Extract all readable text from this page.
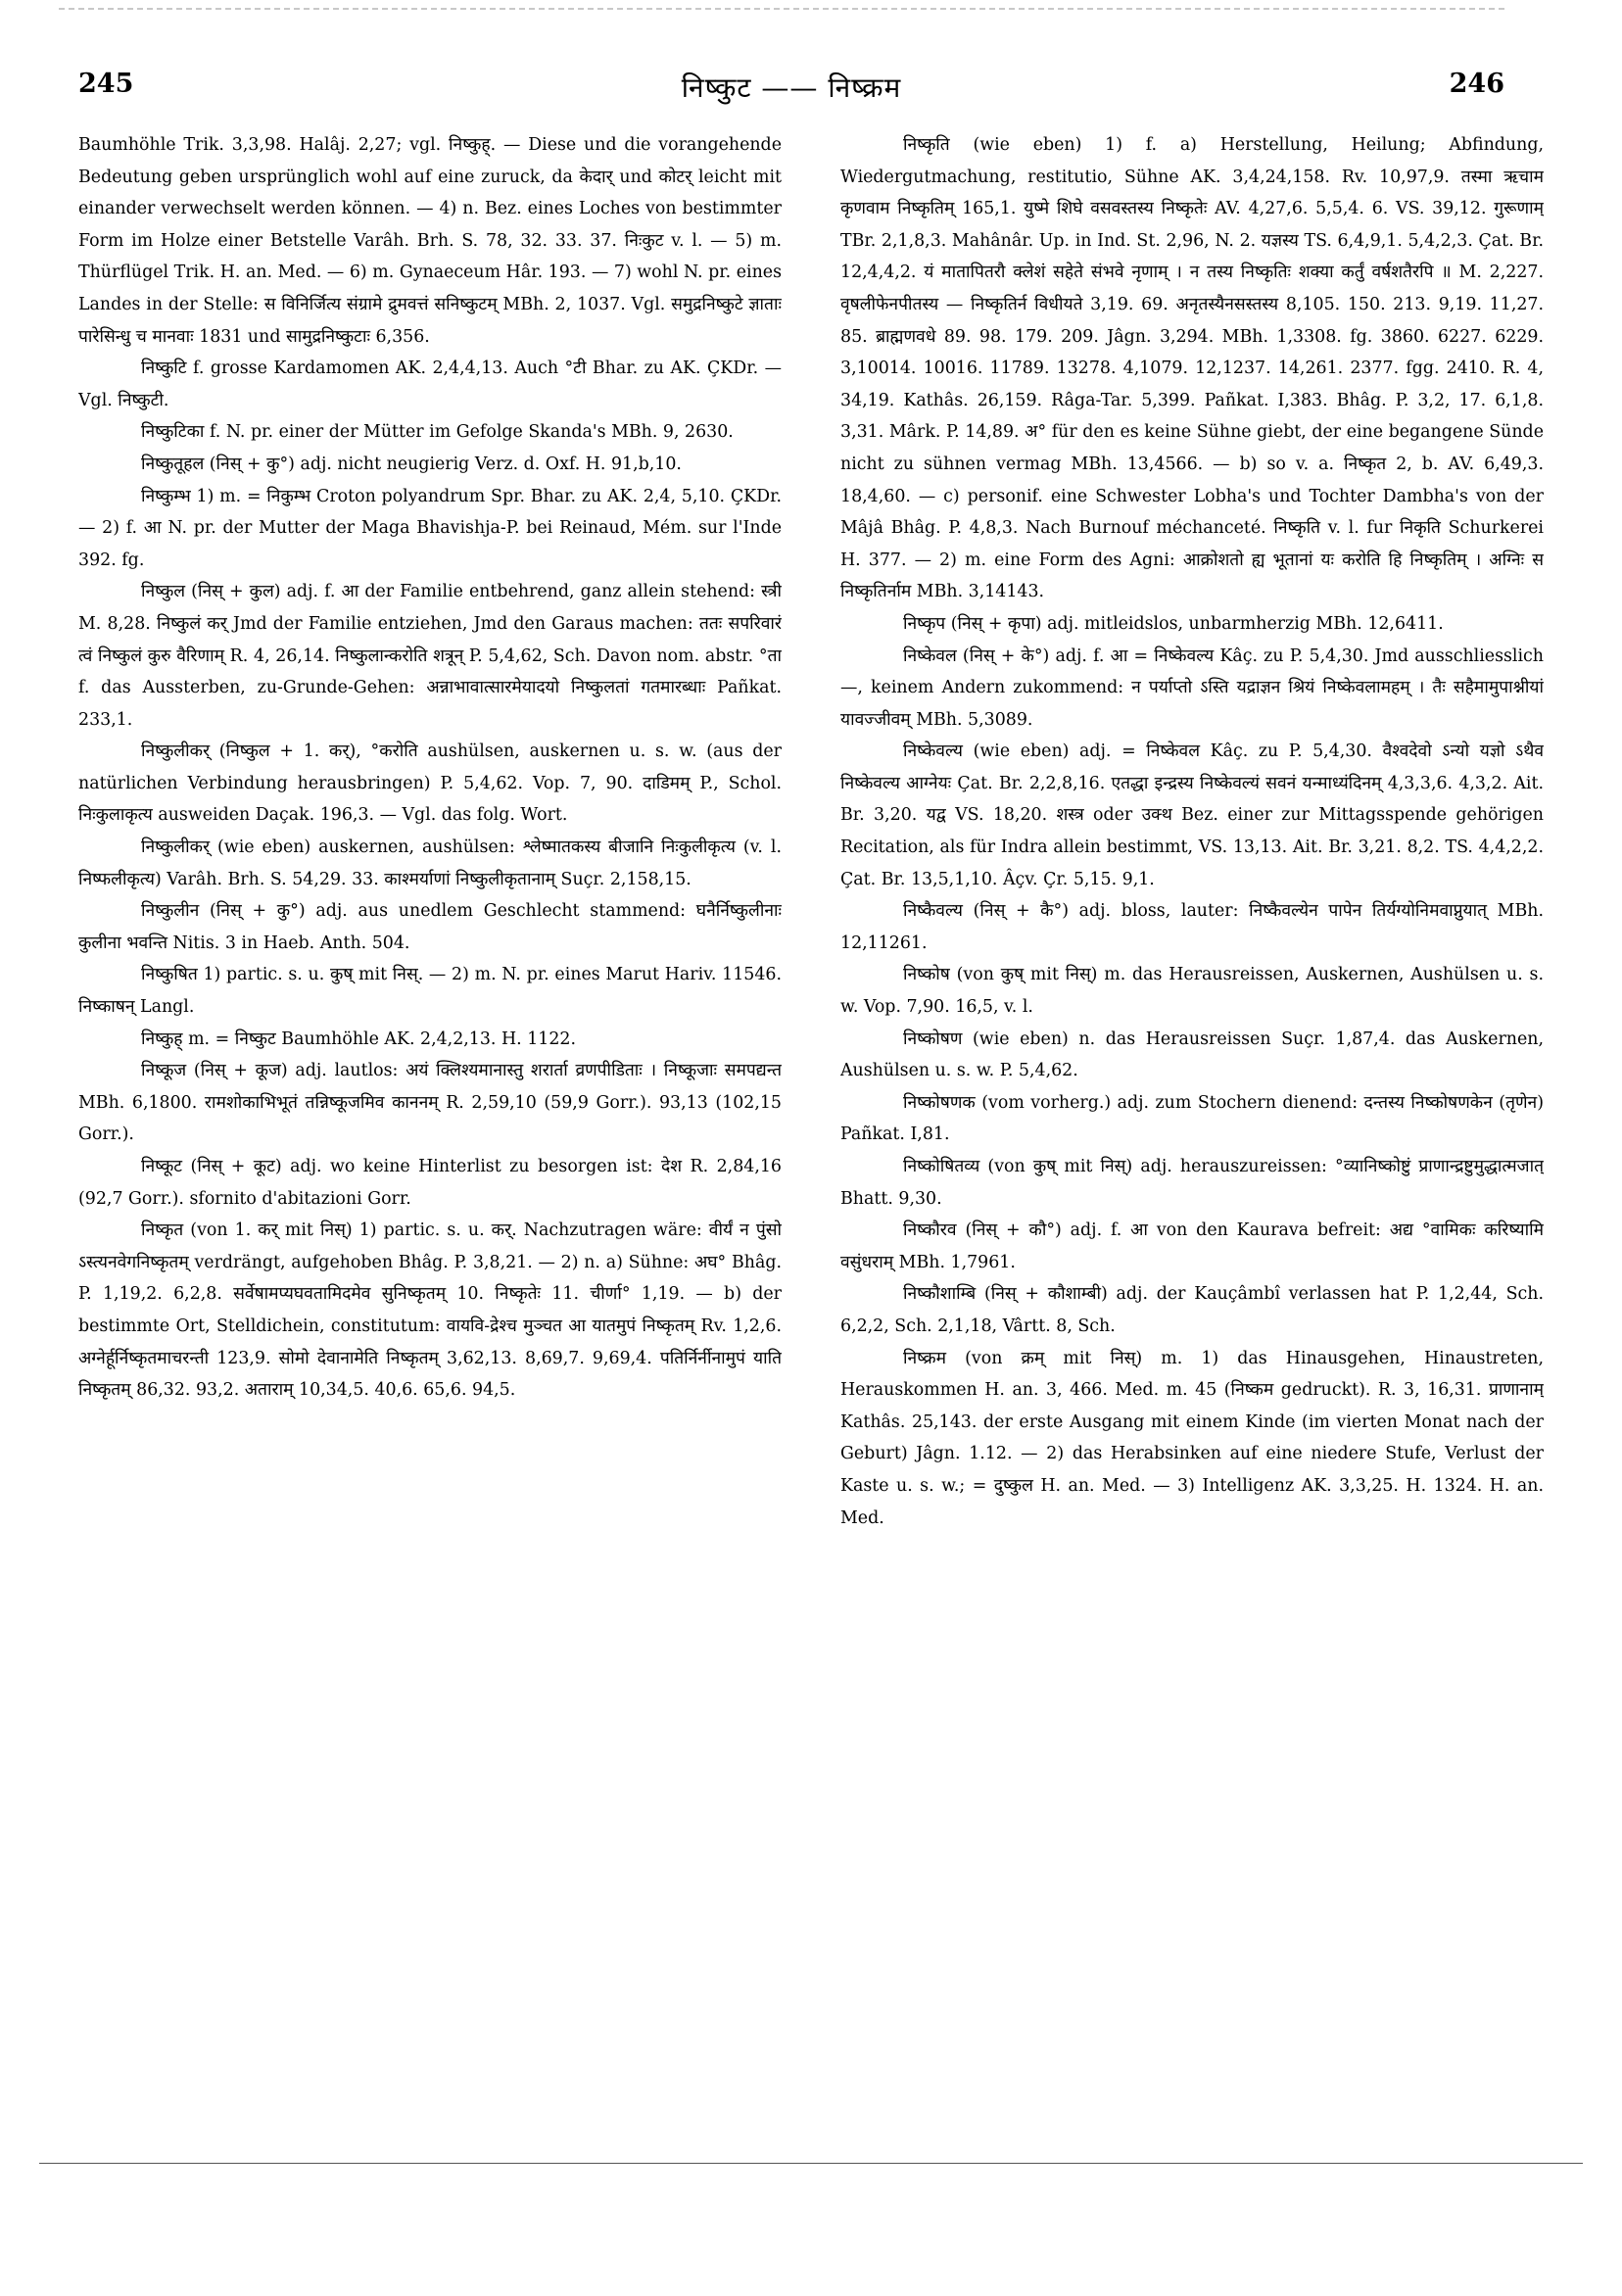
245	निष्कुट —— निष्क्रम	246

Baumhöhle Trik. 3,3,98. Halâj. 2,27; vgl. निष्कुह्. — Diese und die vorangehende Bedeutung geben ursprünglich wohl auf eine zuruck, da केदार् und कोटर् leicht mit einander verwechselt werden können. — 4) n. Bez. eines Loches von bestimmter Form im Holze einer Betstelle Varâh. Brh. S. 78, 32. 33. 37. निःकुट v. l. — 5) m. Thürflügel Trik. H. an. Med. — 6) m. Gynaeceum Hâr. 193. — 7) wohl N. pr. eines Landes in der Stelle: स विनिर्जित्य संग्रामे द्रुमवत्तं सनिष्कुटम् MBh. 2, 1037. Vgl. समुद्रनिष्कुटे ज्ञाताः पारेसिन्धु च मानवाः 1831 und सामुद्रनिष्कुटाः 6,356.

निष्कुटि f. grosse Kardamomen AK. 2,4,4,13. Auch °टी Bhar. zu AK. ÇKDr. — Vgl. निष्कुटी.

निष्कुटिका f. N. pr. einer der Mütter im Gefolge Skanda's MBh. 9, 2630.

निष्कुतूहल (निस् + कु°) adj. nicht neugierig Verz. d. Oxf. H. 91,b,10.

निष्कुम्भ 1) m. = निकुम्भ Croton polyandrum Spr. Bhar. zu AK. 2,4, 5,10. ÇKDr. — 2) f. आ N. pr. der Mutter der Maga Bhavishja-P. bei Reinaud, Mém. sur l'Inde 392. fg.

निष्कुल (निस् + कुल) adj. f. आ der Familie entbehrend, ganz allein stehend: स्त्री M. 8,28. निष्कुलं कर् Jmd der Familie entziehen, Jmd den Garaus machen: ततः सपरिवारं त्वं निष्कुलं कुरु वैरिणाम् R. 4, 26,14. निष्कुलान्करोति शत्रून् P. 5,4,62, Sch. Davon nom. abstr. °ता f. das Aussterben, zu-Grunde-Gehen: अन्नाभावात्सारमेयादयो निष्कुलतां गतमारब्धाः Pañkat. 233,1.

निष्कुलीकर् (निष्कुल + 1. कर्), °करोति aushülsen, auskernen u. s. w. (aus der natürlichen Verbindung herausbringen) P. 5,4,62. Vop. 7, 90. दाडिमम् P., Schol. निःकुलाकृत्य ausweiden Daçak. 196,3. — Vgl. das folg. Wort.

निष्कुलीकर् (wie eben) auskernen, aushülsen: श्लेष्मातकस्य बीजानि निःकुलीकृत्य (v. l. निष्फलीकृत्य) Varâh. Brh. S. 54,29. 33. काश्मर्याणां निष्कुलीकृतानाम् Suçr. 2,158,15.

निष्कुलीन (निस् + कु°) adj. aus unedlem Geschlecht stammend: घनैर्निष्कुलीनाः कुलीना भवन्ति Nitis. 3 in Haeb. Anth. 504.

निष्कुषित 1) partic. s. u. कुष् mit निस्. — 2) m. N. pr. eines Marut Hariv. 11546. निष्काषन् Langl.

निष्कुह् m. = निष्कुट Baumhöhle AK. 2,4,2,13. H. 1122.

निष्कूज (निस् + कूज) adj. lautlos: अयं क्लिश्यमानास्तु शरार्ता व्रणपीडिताः । निष्कूजाः समपद्यन्त MBh. 6,1800. रामशोकाभिभूतं तन्निष्कूजमिव काननम् R. 2,59,10 (59,9 Gorr.). 93,13 (102,15 Gorr.).

निष्कूट (निस् + कूट) adj. wo keine Hinterlist zu besorgen ist: देश R. 2,84,16 (92,7 Gorr.). sfornito d'abitazioni Gorr.

निष्कृत (von 1. कर् mit निस्) 1) partic. s. u. कर्. Nachzutragen wäre: वीर्यं न पुंसो ऽस्त्यनवेगनिष्कृतम् verdrängt, aufgehoben Bhâg. P. 3,8,21. — 2) n. a) Sühne: अघ° Bhâg. P. 1,19,2. 6,2,8. सर्वेषामप्यघवतामिदमेव सुनिष्कृतम् 10. निष्कृतेः 11. चीर्णा° 1,19. — b) der bestimmte Ort, Stelldichein, constitutum: वायवि-द्रेश्च मुञ्चत आ यातमुपं निष्कृतम् Rv. 1,2,6. अग्नेर्हूर्निष्कृतमाचरन्ती 123,9. सोमो देवानामेति निष्कृतम् 3,62,13. 8,69,7. 9,69,4. पतिर्निर्नीनामुपं याति निष्कृतम् 86,32. 93,2. अताराम् 10,34,5. 40,6. 65,6. 94,5.

निष्कृति (wie eben) 1) f. a) Herstellung, Heilung; Abfindung, Wiedergutmachung, restitutio, Sühne AK. 3,4,24,158. Rv. 10,97,9. तस्मा ऋचाम कृणवाम निष्कृतिम् 165,1. युष्मे शिघे वसवस्तस्य निष्कृतेः AV. 4,27,6. 5,5,4. 6. VS. 39,12. गुरूणाम् TBr. 2,1,8,3. Mahânâr. Up. in Ind. St. 2,96, N. 2. यज्ञस्य TS. 6,4,9,1. 5,4,2,3. Çat. Br. 12,4,4,2. यं मातापितरौ क्लेशं सहेते संभवे नृणाम् । न तस्य निष्कृतिः शक्या कर्तुं वर्षशतैरपि ॥ M. 2,227. वृषलीफेनपीतस्य — निष्कृतिर्न विधीयते 3,19. 69. अनृतस्यैनसस्तस्य 8,105. 150. 213. 9,19. 11,27. 85. ब्राह्मणवधे 89. 98. 179. 209. Jâgn. 3,294. MBh. 1,3308. fg. 3860. 6227. 6229. 3,10014. 10016. 11789. 13278. 4,1079. 12,1237. 14,261. 2377. fgg. 2410. R. 4, 34,19. Kathâs. 26,159. Râga-Tar. 5,399. Pañkat. I,383. Bhâg. P. 3,2, 17. 6,1,8. 3,31. Mârk. P. 14,89. अ° für den es keine Sühne giebt, der eine begangene Sünde nicht zu sühnen vermag MBh. 13,4566. — b) so v. a. निष्कृत 2, b. AV. 6,49,3. 18,4,60. — c) personif. eine Schwester Lobha's und Tochter Dambha's von der Mâjâ Bhâg. P. 4,8,3. Nach Burnouf méchanceté. निष्कृति v. l. fur निकृति Schurkerei H. 377. — 2) m. eine Form des Agni: आक्रोशतो ह्य भूतानां यः करोति हि निष्कृतिम् । अग्निः स निष्कृतिर्नाम MBh. 3,14143.

निष्कृप (निस् + कृपा) adj. mitleidslos, unbarmherzig MBh. 12,6411.

निष्केवल (निस् + के°) adj. f. आ = निष्केवल्य Kâç. zu P. 5,4,30. Jmd ausschliesslich —, keinem Andern zukommend: न पर्याप्तो ऽस्ति यद्राज्ञन श्रियं निष्केवलामहम् । तैः सहैमामुपाश्नीयां यावज्जीवम् MBh. 5,3089.

निष्केवल्य (wie eben) adj. = निष्केवल Kâç. zu P. 5,4,30. वैश्वदेवो ऽन्यो यज्ञो ऽथैव निष्केवल्य आग्नेयः Çat. Br. 2,2,8,16. एतद्धा इन्द्रस्य निष्केवल्यं सवनं यन्माध्यंदिनम् 4,3,3,6. 4,3,2. Ait. Br. 3,20. यद्व VS. 18,20. शस्त्र oder उक्थ Bez. einer zur Mittagsspende gehörigen Recitation, als für Indra allein bestimmt, VS. 13,13. Ait. Br. 3,21. 8,2. TS. 4,4,2,2. Çat. Br. 13,5,1,10. Âçv. Çr. 5,15. 9,1.

निष्कैवल्य (निस् + कै°) adj. bloss, lauter: निष्कैवल्येन पापेन तिर्यग्योनिमवाप्नुयात् MBh. 12,11261.

निष्कोष (von कुष् mit निस्) m. das Herausreissen, Auskernen, Aushülsen u. s. w. Vop. 7,90. 16,5, v. l.

निष्कोषण (wie eben) n. das Herausreissen Suçr. 1,87,4. das Auskernen, Aushülsen u. s. w. P. 5,4,62.

निष्कोषणक (vom vorherg.) adj. zum Stochern dienend: दन्तस्य निष्कोषणकेन (तृणेन) Pañkat. I,81.

निष्कोषितव्य (von कुष् mit निस्) adj. herauszureissen: °व्यानिष्कोष्टुं प्राणान्द्रष्टुमुद्धात्मजात् Bhatt. 9,30.

निष्कौरव (निस् + कौ°) adj. f. आ von den Kaurava befreit: अद्य °वामिकः करिष्यामि वसुंधराम् MBh. 1,7961.

निष्कौशाम्बि (निस् + कौशाम्बी) adj. der Kauçâmbî verlassen hat P. 1,2,44, Sch. 6,2,2, Sch. 2,1,18, Vârtt. 8, Sch.

निष्क्रम (von क्रम् mit निस्) m. 1) das Hinausgehen, Hinaustreten, Herauskommen H. an. 3, 466. Med. m. 45 (निष्कम gedruckt). R. 3, 16,31. प्राणानाम् Kathâs. 25,143. der erste Ausgang mit einem Kinde (im vierten Monat nach der Geburt) Jâgn. 1.12. — 2) das Herabsinken auf eine niedere Stufe, Verlust der Kaste u. s. w.; = दुष्कुल H. an. Med. — 3) Intelligenz AK. 3,3,25. H. 1324. H. an. Med.
